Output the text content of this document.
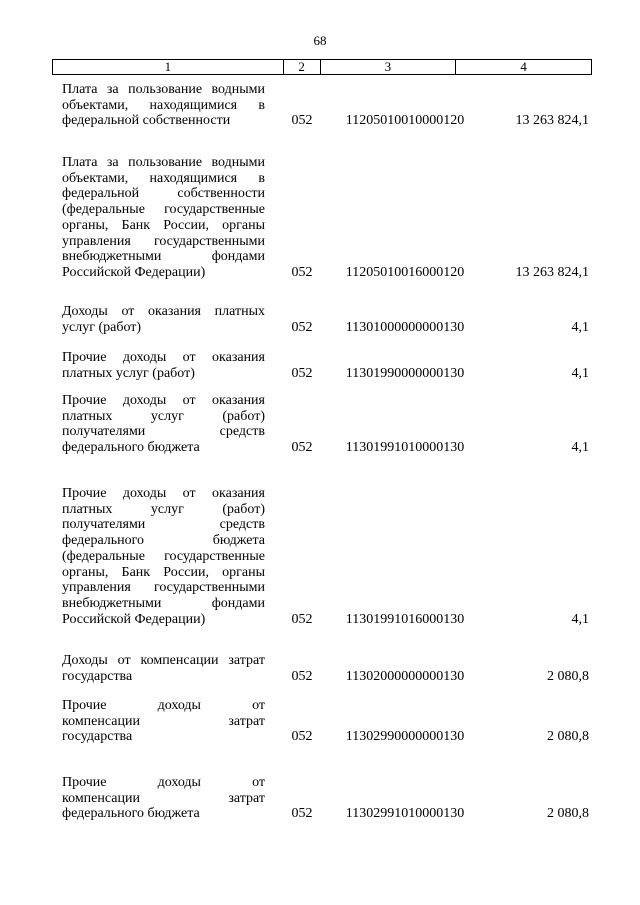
68
1	2	3	4
Плата за пользование водными
объектами, находящимися в
федеральной собственности	052	11205010010000120	13 263 824,1
Плата за пользование водными
объектами, находящимися в
федеральной собственности
(федеральные государственные
органы, Банк России, органы
управления государственными
внебюджетными фондами
Российской Федерации)	052	11205010016000120	13 263 824,1
Доходы от оказания платных
услуг (работ)	052	11301000000000130	4,1
Прочие доходы от оказания
платных услуг (работ)	052	11301990000000130	4,1
Прочие доходы от оказания
платных услуг (работ)
получателями средств
федерального бюджета	052	11301991010000130	4,1
Прочие доходы от оказания
платных услуг (работ)
получателями средств
федерального бюджета
(федеральные государственные
органы, Банк России, органы
управления государственными
внебюджетными фондами
Российской Федерации)	052	11301991016000130	4,1
Доходы от компенсации затрат
государства	052	11302000000000130	2 080,8
Прочие доходы от
компенсации затрат
государства	052	11302990000000130	2 080,8
Прочие доходы от
компенсации затрат
федерального бюджета	052	11302991010000130	2 080,8
